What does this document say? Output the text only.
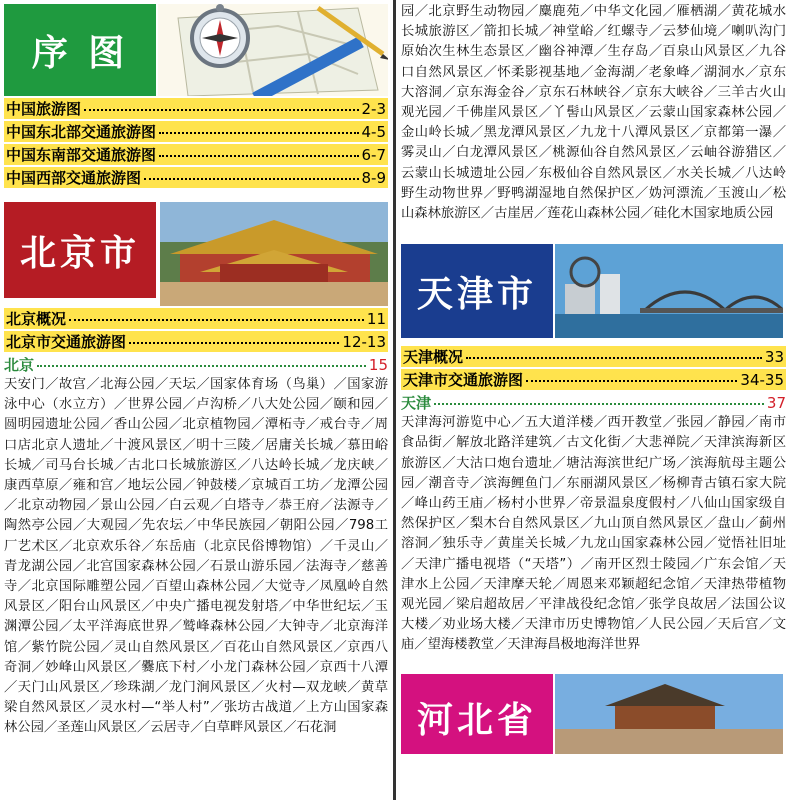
序 图
中国旅游图	2-3
中国东北部交通旅游图	4-5
中国东南部交通旅游图	6-7
中国西部交通旅游图	8-9
北京市
北京概况	11
北京市交通旅游图	12-13
北京	15
天安门／故宫／北海公园／天坛／国家体育场（鸟巢）／国家游泳中心（水立方）／世界公园／卢沟桥／八大处公园／颐和园／圆明园遗址公园／香山公园／北京植物园／潭柘寺／戒台寺／周口店北京人遗址／十渡风景区／明十三陵／居庸关长城／慕田峪长城／司马台长城／古北口长城旅游区／八达岭长城／龙庆峡／康西草原／雍和宫／地坛公园／钟鼓楼／京城百工坊／龙潭公园／北京动物园／景山公园／白云观／白塔寺／恭王府／法源寺／陶然亭公园／大观园／先农坛／中华民族园／朝阳公园／798工厂艺术区／北京欢乐谷／东岳庙（北京民俗博物馆）／千灵山／青龙湖公园／北宫国家森林公园／石景山游乐园／法海寺／慈善寺／北京国际雕塑公园／百望山森林公园／大觉寺／凤凰岭自然风景区／阳台山风景区／中央广播电视发射塔／中华世纪坛／玉渊潭公园／太平洋海底世界／鹫峰森林公园／大钟寺／北京海洋馆／紫竹院公园／灵山自然风景区／百花山自然风景区／京西八奇洞／妙峰山风景区／爨底下村／小龙门森林公园／京西十八潭／天门山风景区／珍珠湖／龙门涧风景区／火村—双龙峡／黄草梁自然风景区／灵水村—“举人村”／张坊古战道／上方山国家森林公园／圣莲山风景区／云居寺／白草畔风景区／石花洞
园／北京野生动物园／麋鹿苑／中华文化园／雁栖湖／黄花城水长城旅游区／箭扣长城／神堂峪／红螺寺／云梦仙境／喇叭沟门原始次生林生态景区／幽谷神潭／生存岛／百泉山风景区／九谷口自然风景区／怀柔影视基地／金海湖／老象峰／湖洞水／京东大溶洞／京东海金谷／京东石林峡谷／京东大峡谷／三羊古火山观光园／千佛崖风景区／丫髻山风景区／云蒙山国家森林公园／金山岭长城／黑龙潭风景区／九龙十八潭风景区／京都第一瀑／雾灵山／白龙潭风景区／桃源仙谷自然风景区／云岫谷游猎区／云蒙山长城遗址公园／东极仙谷自然风景区／水关长城／八达岭野生动物世界／野鸭湖湿地自然保护区／妫河漂流／玉渡山／松山森林旅游区／古崖居／莲花山森林公园／硅化木国家地质公园
天津市
天津概况	33
天津市交通旅游图	34-35
天津	37
天津海河游览中心／五大道洋楼／西开教堂／张园／静园／南市食品街／解放北路洋建筑／古文化街／大悲禅院／天津滨海新区旅游区／大沽口炮台遗址／塘沽海滨世纪广场／滨海航母主题公园／潮音寺／滨海鲤鱼门／东丽湖风景区／杨柳青古镇石家大院／峰山药王庙／杨村小世界／帝景温泉度假村／八仙山国家级自然保护区／梨木台自然风景区／九山顶自然风景区／盘山／蓟州溶洞／独乐寺／黄崖关长城／九龙山国家森林公园／觉悟社旧址／天津广播电视塔（“天塔”）／南开区烈士陵园／广东会馆／天津水上公园／天津摩天轮／周恩来邓颖超纪念馆／天津热带植物观光园／梁启超故居／平津战役纪念馆／张学良故居／法国公议大楼／劝业场大楼／天津市历史博物馆／人民公园／天后宫／文庙／望海楼教堂／天津海昌极地海洋世界
河北省
